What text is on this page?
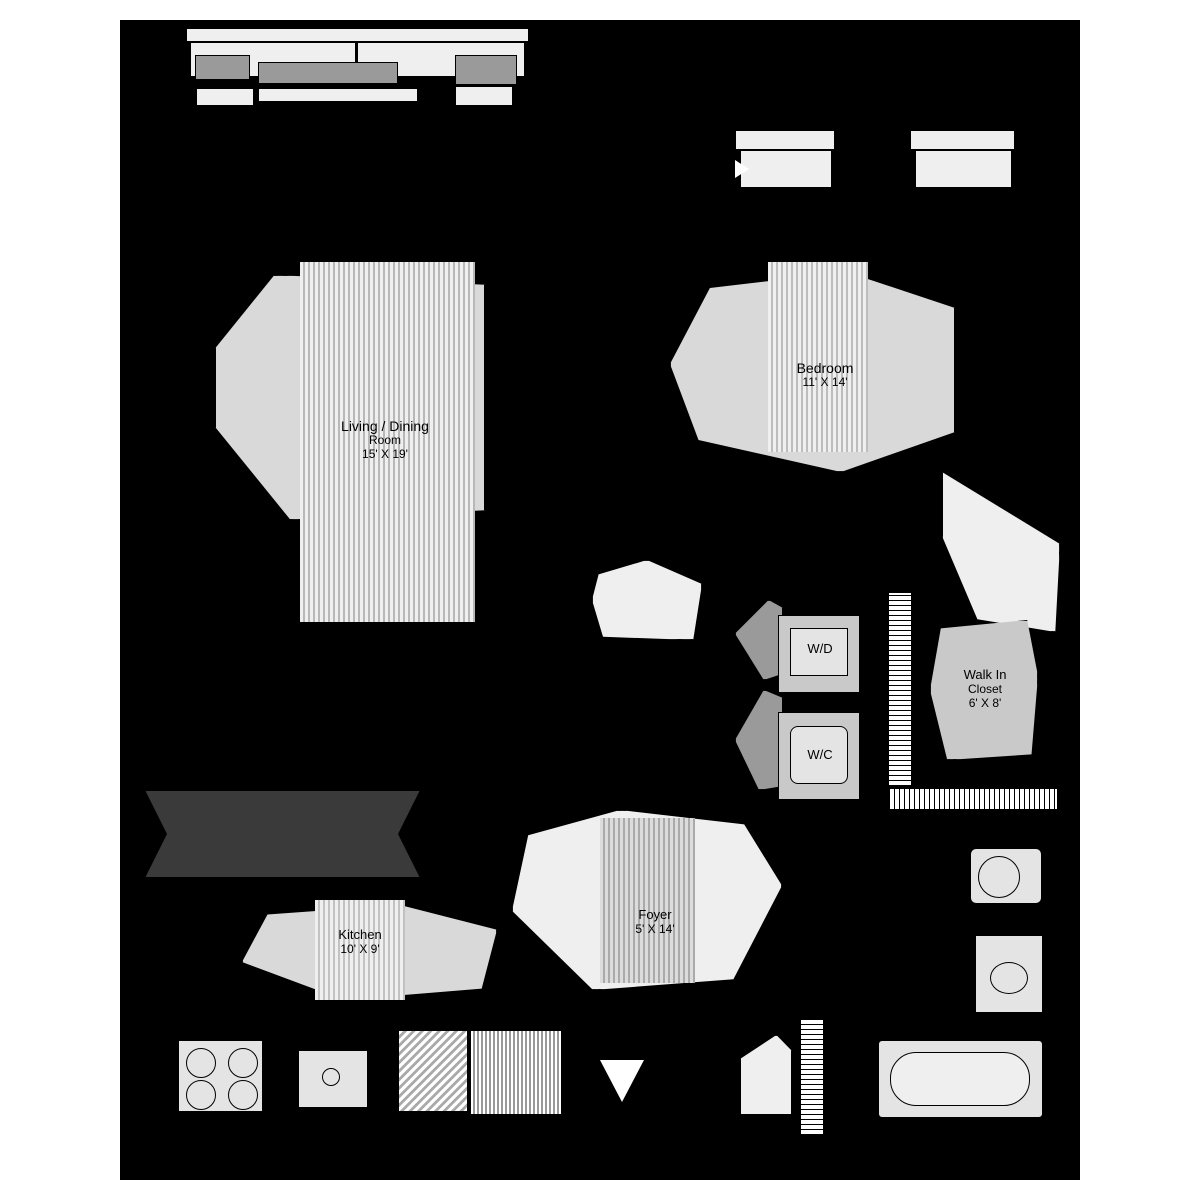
Living / Dining
Room
15' X 19'
Bedroom
11' X 14'
W/D
W/C
Walk In
Closet
6' X 8'
Kitchen
10' X 9'
Foyer
5' X 14'
